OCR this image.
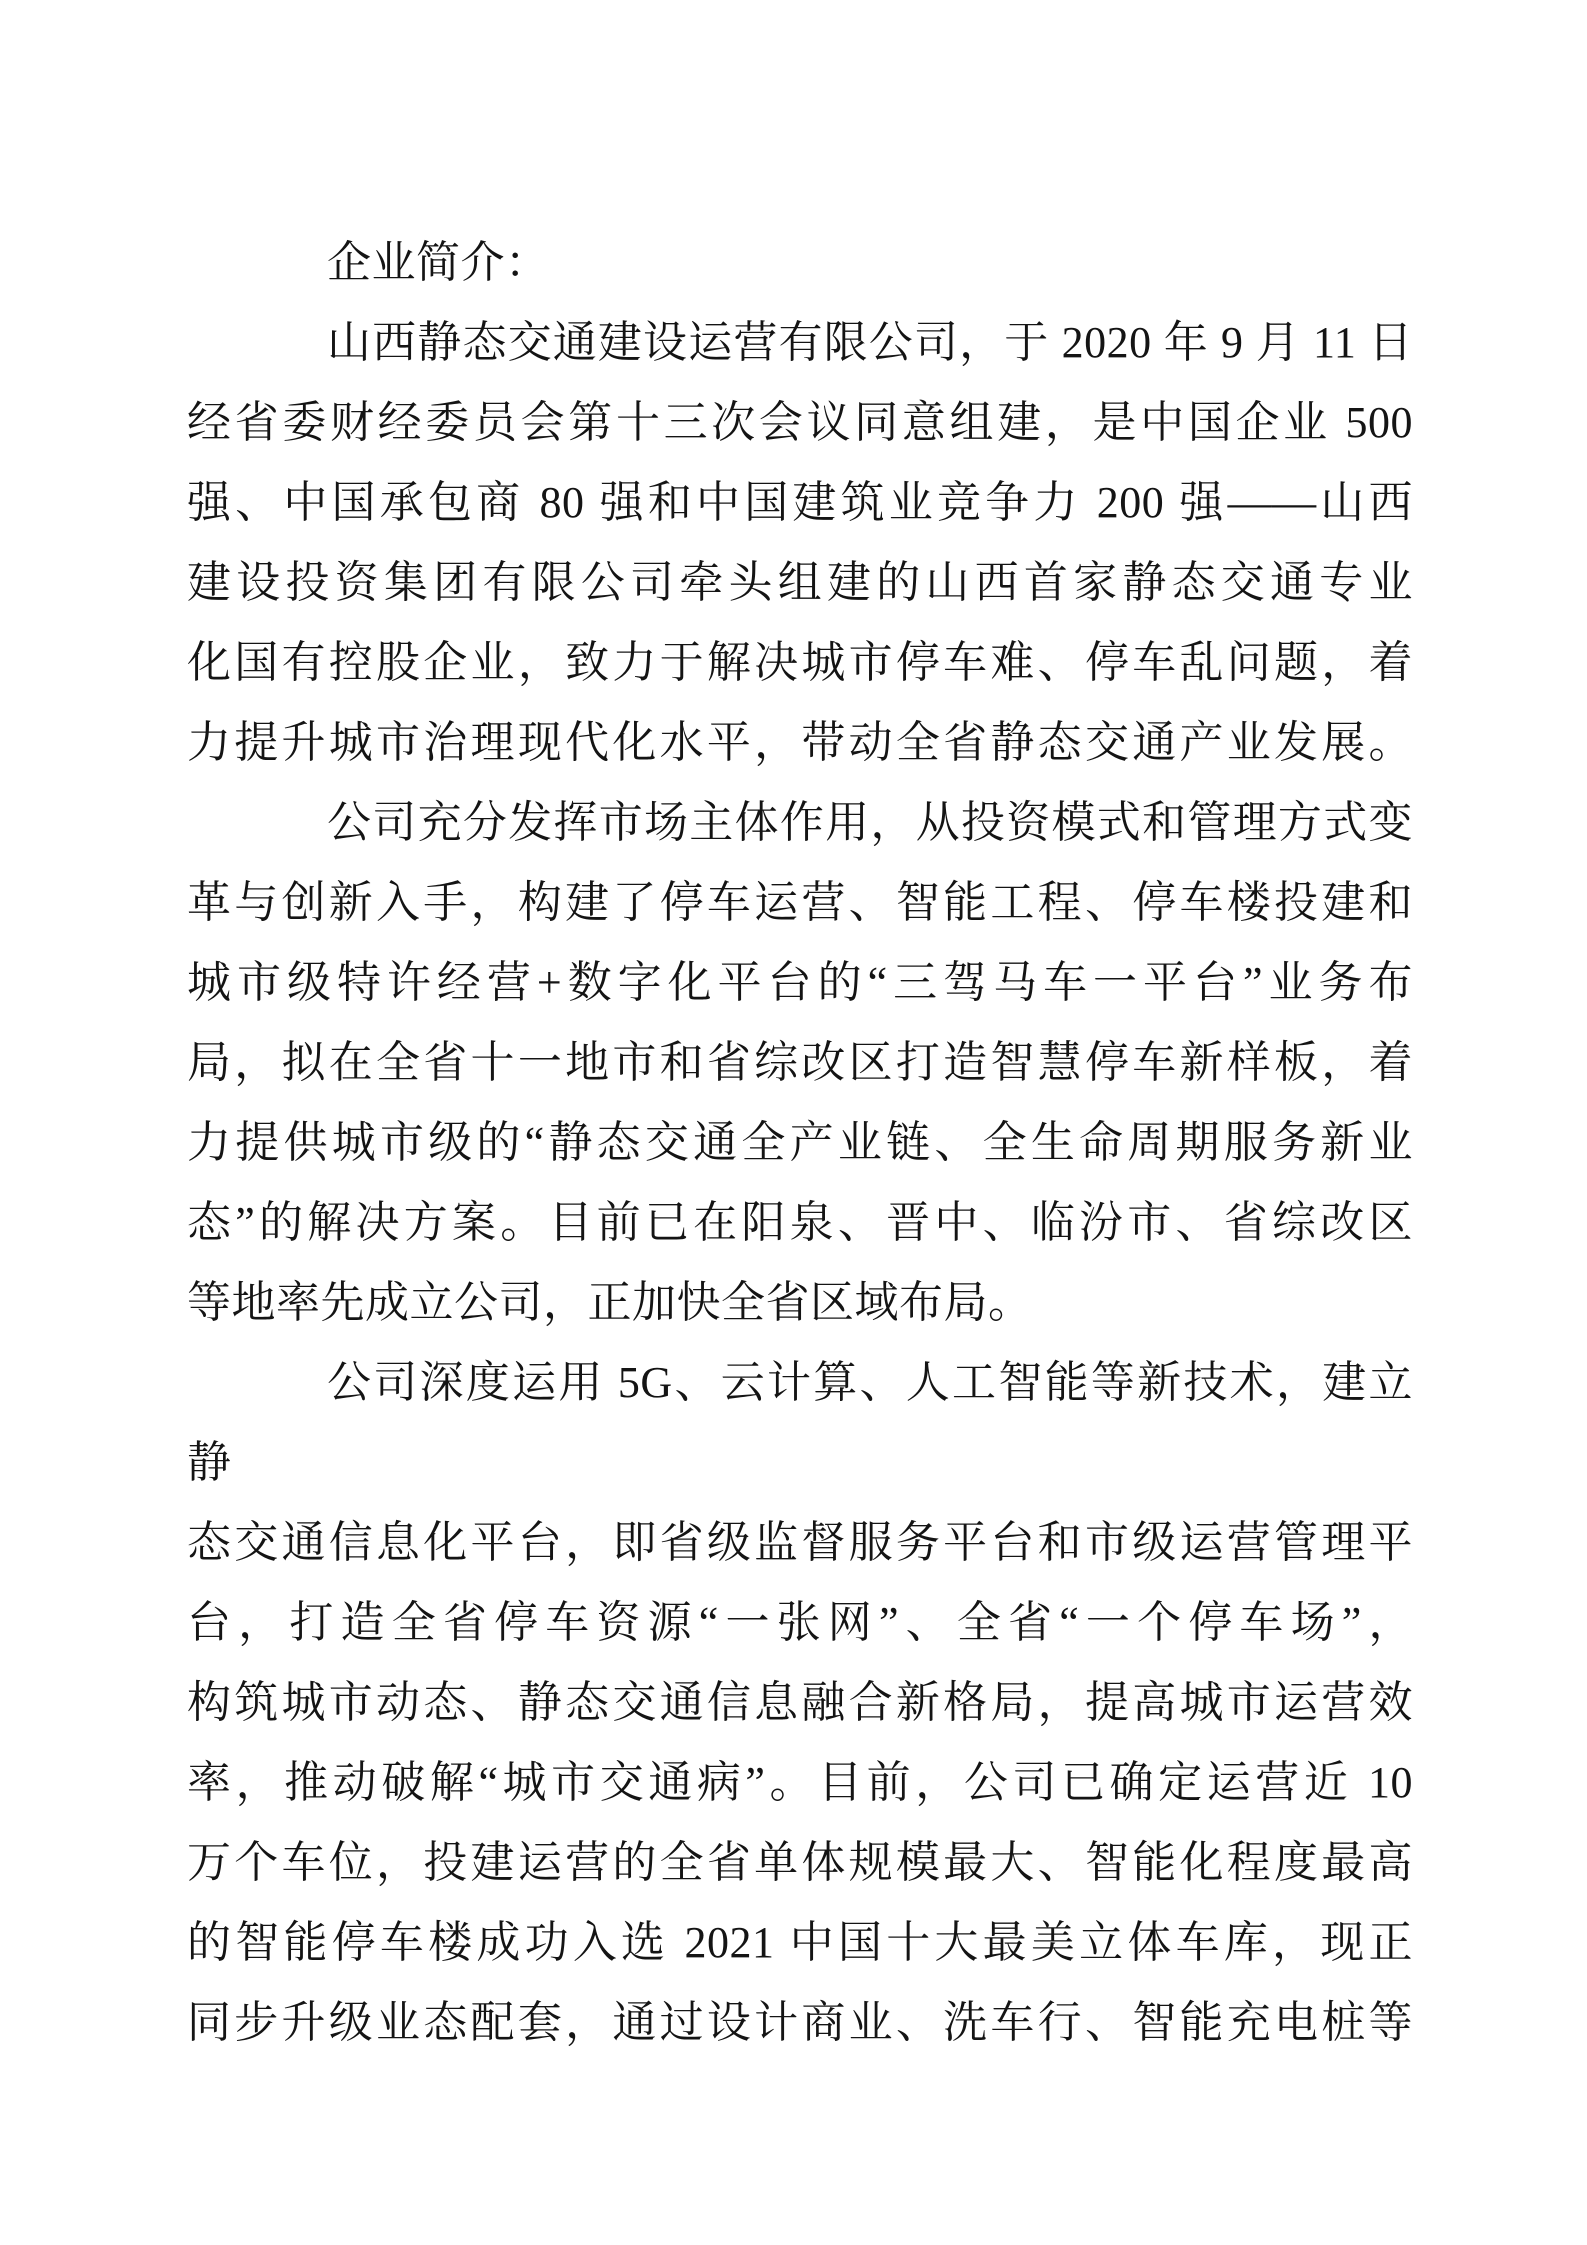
企业简介：
山西静态交通建设运营有限公司，于 2020 年 9 月 11 日
经省委财经委员会第十三次会议同意组建，是中国企业 500
强、中国承包商 80 强和中国建筑业竞争力 200 强——山西
建设投资集团有限公司牵头组建的山西首家静态交通专业
化国有控股企业，致力于解决城市停车难、停车乱问题，着
力提升城市治理现代化水平，带动全省静态交通产业发展。
公司充分发挥市场主体作用，从投资模式和管理方式变
革与创新入手，构建了停车运营、智能工程、停车楼投建和
城市级特许经营+数字化平台的“三驾马车一平台”业务布
局，拟在全省十一地市和省综改区打造智慧停车新样板，着
力提供城市级的“静态交通全产业链、全生命周期服务新业
态”的解决方案。目前已在阳泉、晋中、临汾市、省综改区
等地率先成立公司，正加快全省区域布局。
公司深度运用 5G、云计算、人工智能等新技术，建立静
态交通信息化平台，即省级监督服务平台和市级运营管理平
台，打造全省停车资源“一张网”、全省“一个停车场”，
构筑城市动态、静态交通信息融合新格局，提高城市运营效
率，推动破解“城市交通病”。目前，公司已确定运营近 10
万个车位，投建运营的全省单体规模最大、智能化程度最高
的智能停车楼成功入选 2021 中国十大最美立体车库，现正
同步升级业态配套，通过设计商业、洗车行、智能充电桩等
